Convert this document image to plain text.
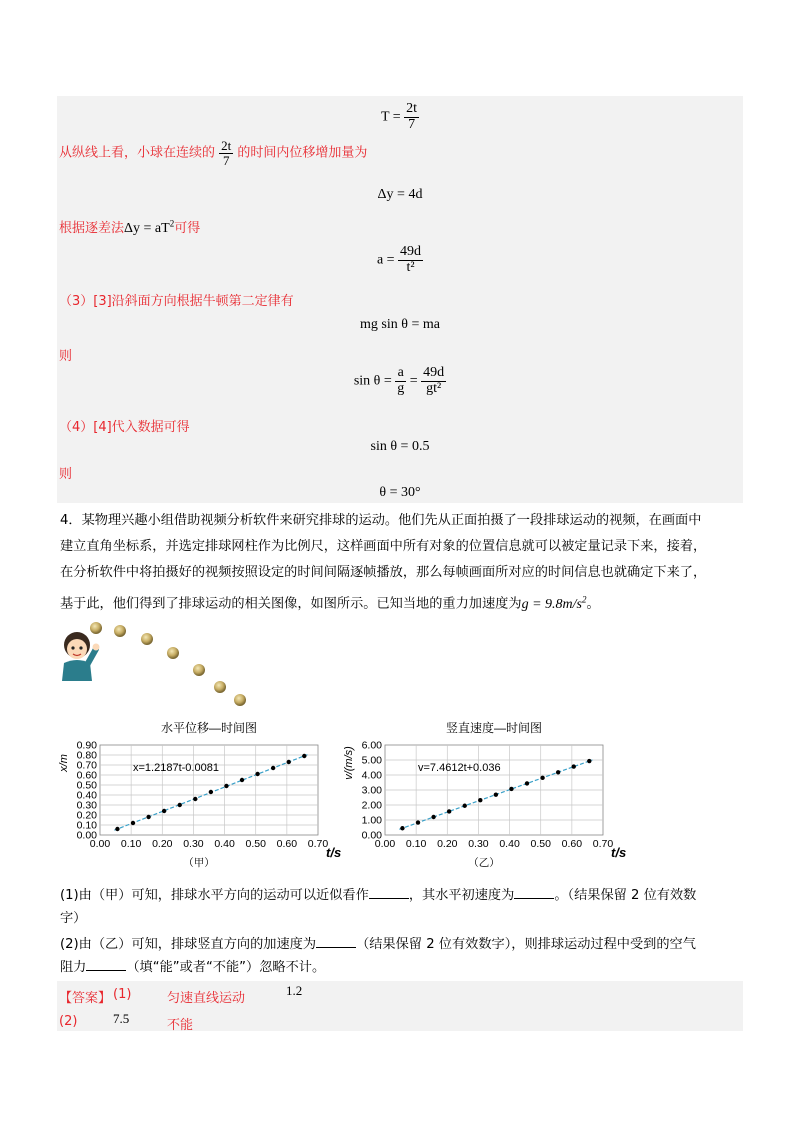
$T = \frac{2t}{7}$
从纵线上看，小球在连续的 $\frac{2t}{7}$ 的时间内位移增加量为
Δy = 4d
根据逐差法$\Delta y = aT^2$可得
$a = \frac{49d}{\text{t²}}$
（3）[3]沿斜面方向根据牛顿第二定律有
mg sin θ = ma
则
$\sin \theta = \frac{a}{g} = \frac{49d}{\text{gt²}}$
（4）[4]代入数据可得
sin θ = 0.5
则
θ = 30°
4．某物理兴趣小组借助视频分析软件来研究排球的运动。他们先从正面拍摄了一段排球运动的视频，在画面中
建立直角坐标系，并选定排球网柱作为比例尺，这样画面中所有对象的位置信息就可以被定量记录下来，接着，
在分析软件中将拍摄好的视频按照设定的时间间隔逐帧播放，那么每帧画面所对应的时间信息也就确定下来了，
基于此，他们得到了排球运动的相关图像，如图所示。已知当地的重力加速度为$g = 9.8m/s^2$。
水平位移—时间图
0.00 0.10 0.20 0.30 0.40 0.50 0.60 0.70
0.00
0.10
0.20
0.30
0.40
0.50
0.60
0.70
0.80
0.90
x=1.2187t-0.0081
x/m
t/s
（甲）
竖直速度—时间图
0.00 0.10 0.20 0.30 0.40 0.50 0.60 0.70
0.00
1.00
2.00
3.00
4.00
5.00
6.00
v=7.4612t+0.036
v/(m/s)
t/s
（乙）
(1)由（甲）可知，排球水平方向的运动可以近似看作	，其水平初速度为	。（结果保留 2 位有效数
字）
(2)由（乙）可知，排球竖直方向的加速度为	（结果保留 2 位有效数字），则排球运动过程中受到的空气
阻力	（填“能”或者“不能”）忽略不计。
【答案】 (1)	匀速直线运动
1.2
(2)	7.5	不能
